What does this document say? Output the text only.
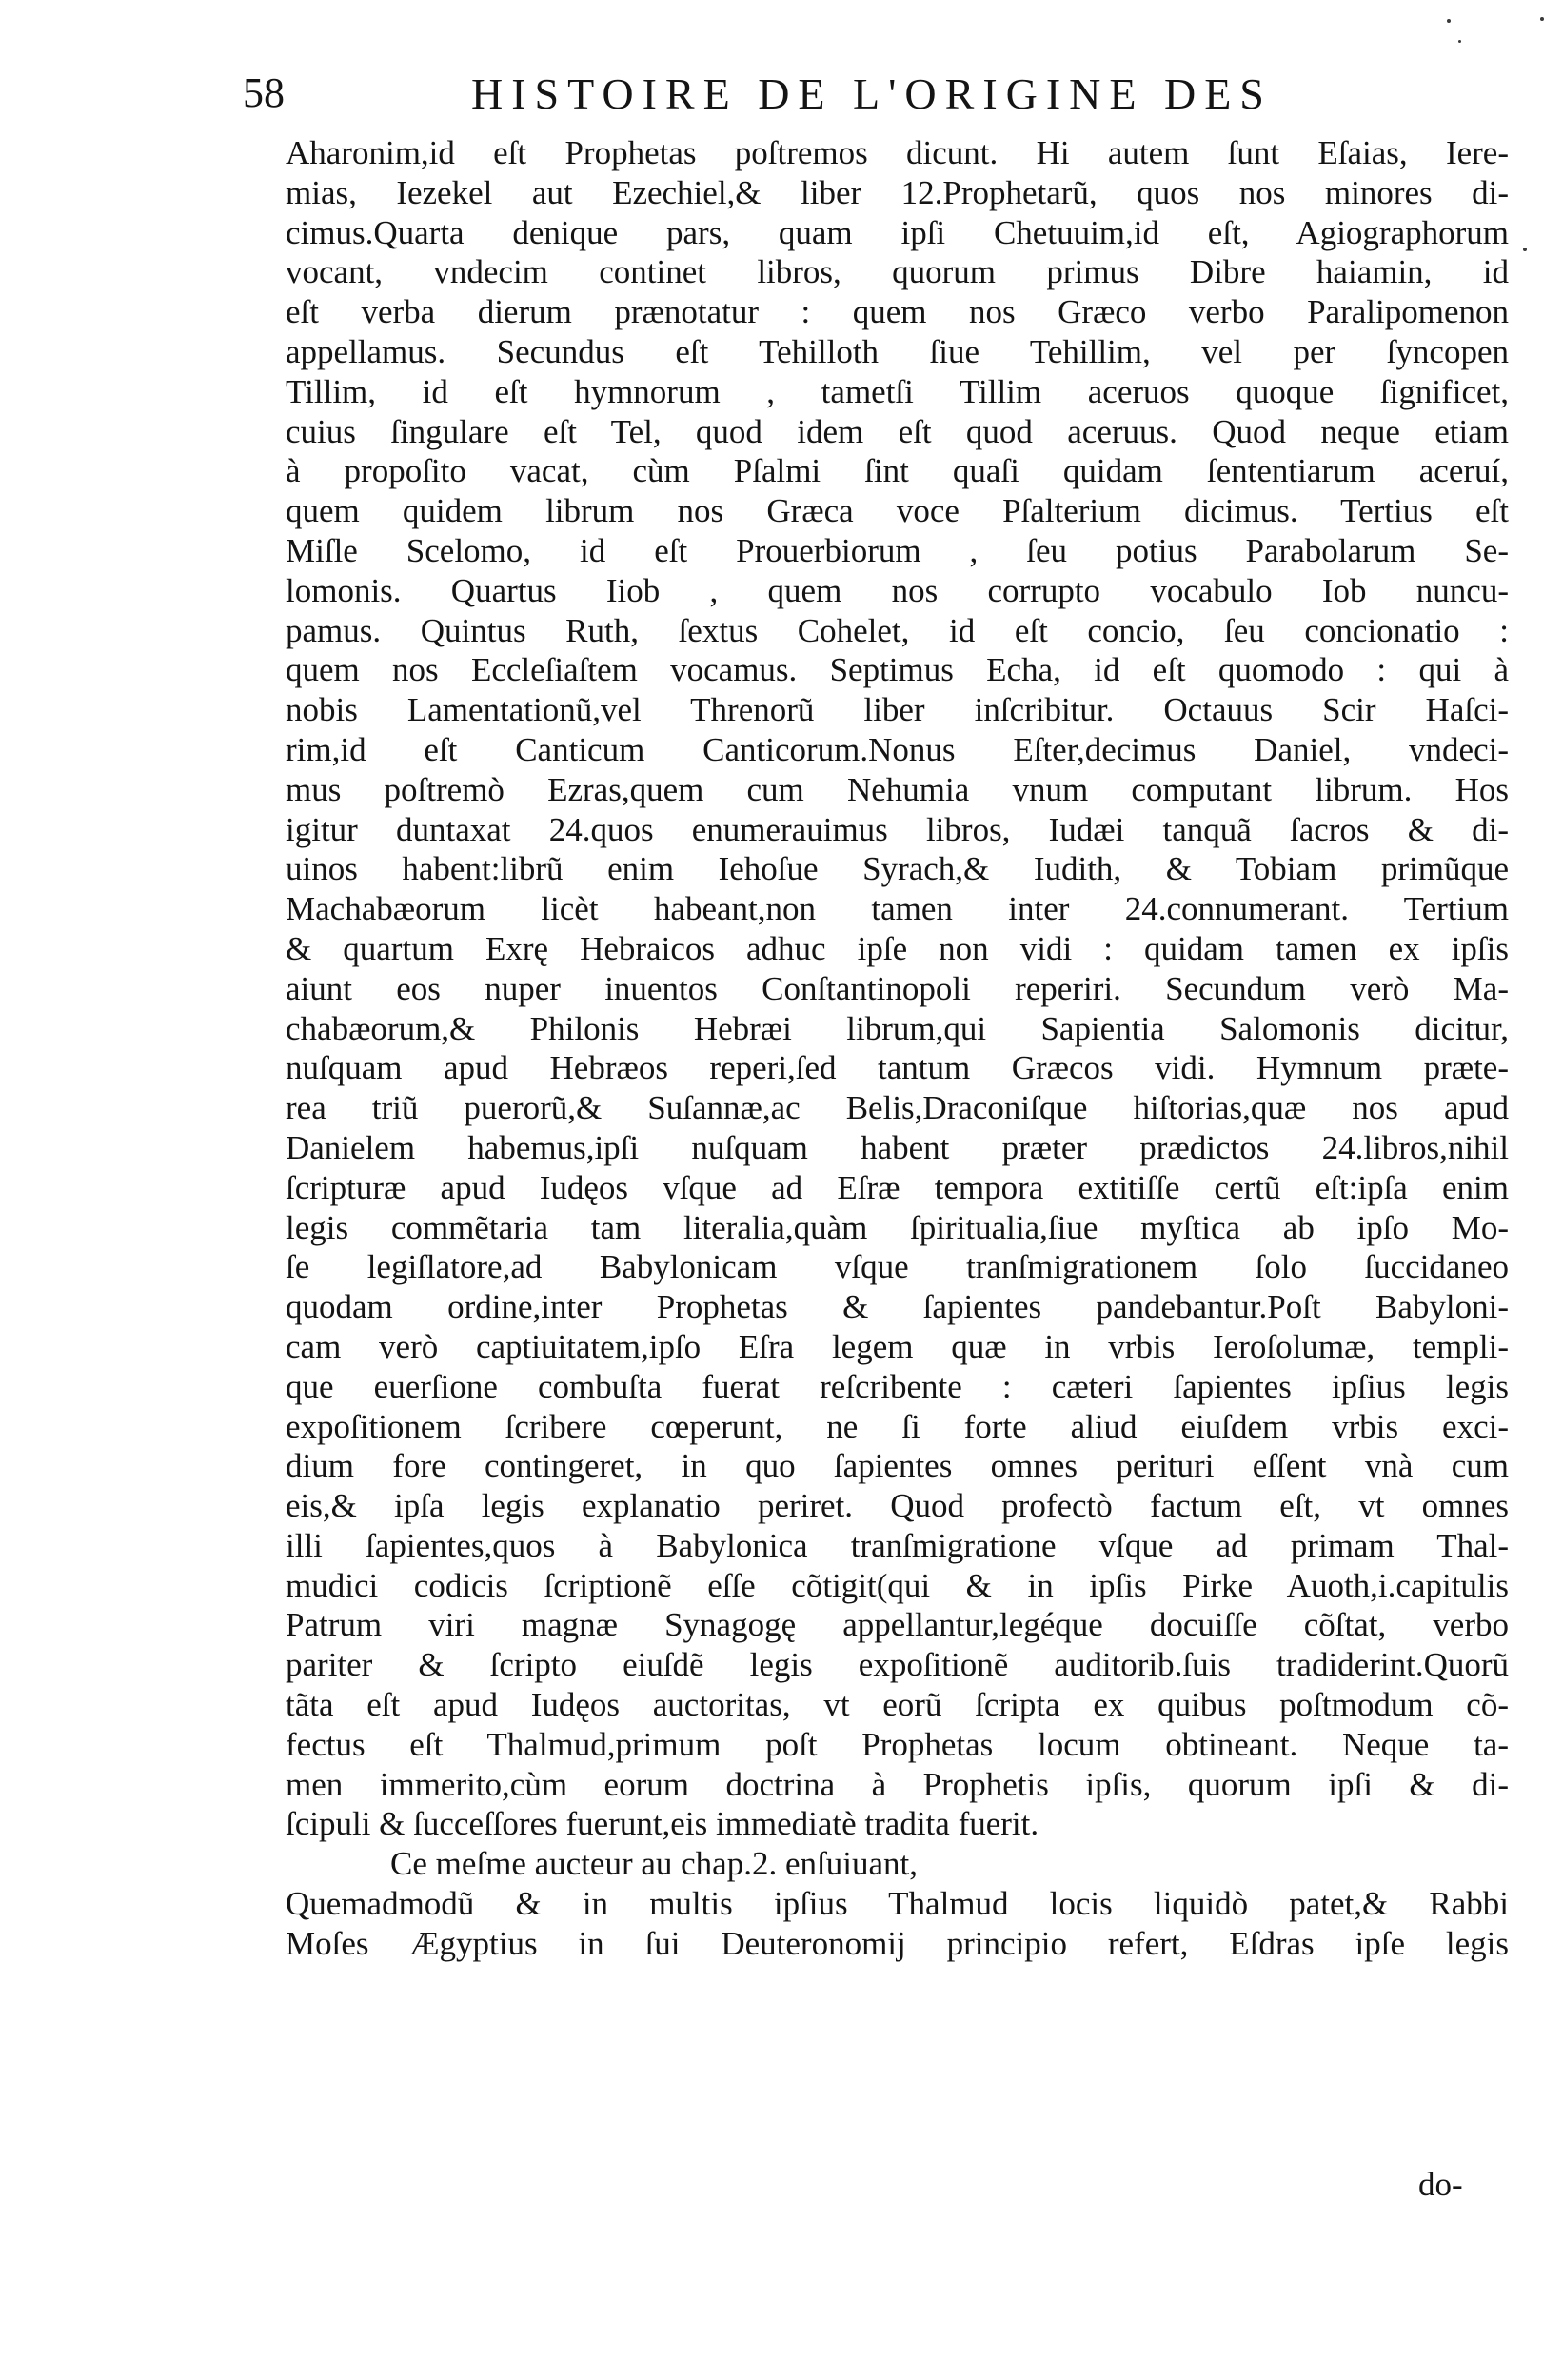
58	HISTOIRE DE L'ORIGINE DES
Aharonim,id eſt Prophetas poſtremos dicunt. Hi autem ſunt Eſaias, Iere-
mias, Iezekel aut Ezechiel,& liber 12.Prophetarũ, quos nos minores di-
cimus.Quarta denique pars, quam ipſi Chetuuim,id eſt, Agiographorum
vocant, vndecim continet libros, quorum primus Dibre haiamin, id
eſt verba dierum prænotatur : quem nos Græco verbo Paralipomenon
appellamus. Secundus eſt Tehilloth ſiue Tehillim, vel per ſyncopen
Tillim, id eſt hymnorum , tametſi Tillim aceruos quoque ſignificet,
cuius ſingulare eſt Tel, quod idem eſt quod aceruus. Quod neque etiam
à propoſito vacat, cùm Pſalmi ſint quaſi quidam ſententiarum aceruí,
quem quidem librum nos Græca voce Pſalterium dicimus. Tertius eſt
Miſle Scelomo, id eſt Prouerbiorum , ſeu potius Parabolarum Se-
lomonis. Quartus Iiob , quem nos corrupto vocabulo Iob nuncu-
pamus. Quintus Ruth, ſextus Cohelet, id eſt concio, ſeu concionatio :
quem nos Eccleſiaſtem vocamus. Septimus Echa, id eſt quomodo : qui à
nobis Lamentationũ,vel Threnorũ liber inſcribitur. Octauus Scir Haſci-
rim,id eſt Canticum Canticorum.Nonus Eſter,decimus Daniel, vndeci-
mus poſtremò Ezras,quem cum Nehumia vnum computant librum. Hos
igitur duntaxat 24.quos enumerauimus libros, Iudæi tanquã ſacros & di-
uinos habent:librũ enim Iehoſue Syrach,& Iudith, & Tobiam primũque
Machabæorum licèt habeant,non tamen inter 24.connumerant. Tertium
& quartum Exrę Hebraicos adhuc ipſe non vidi : quidam tamen ex ipſis
aiunt eos nuper inuentos Conſtantinopoli reperiri. Secundum verò Ma-
chabæorum,& Philonis Hebræi librum,qui Sapientia Salomonis dicitur,
nuſquam apud Hebræos reperi,ſed tantum Græcos vidi. Hymnum præte-
rea triũ puerorũ,& Suſannæ,ac Belis,Draconiſque hiſtorias,quæ nos apud
Danielem habemus,ipſi nuſquam habent præter prædictos 24.libros,nihil
ſcripturæ apud Iudęos vſque ad Eſræ tempora extitiſſe certũ eſt:ipſa enim
legis commẽtaria tam literalia,quàm ſpiritualia,ſiue myſtica ab ipſo Mo-
ſe legiſlatore,ad Babylonicam vſque tranſmigrationem ſolo ſuccidaneo
quodam ordine,inter Prophetas & ſapientes pandebantur.Poſt Babyloni-
cam verò captiuitatem,ipſo Eſra legem quæ in vrbis Ieroſolumæ, templi-
que euerſione combuſta fuerat reſcribente : cæteri ſapientes ipſius legis
expoſitionem ſcribere cœperunt, ne ſi forte aliud eiuſdem vrbis exci-
dium fore contingeret, in quo ſapientes omnes perituri eſſent vnà cum
eis,& ipſa legis explanatio periret. Quod profectò factum eſt, vt omnes
illi ſapientes,quos à Babylonica tranſmigratione vſque ad primam Thal-
mudici codicis ſcriptionẽ eſſe cõtigit(qui & in ipſis Pirke Auoth,i.capitulis
Patrum viri magnæ Synagogę appellantur,legéque docuiſſe cõſtat, verbo
pariter & ſcripto eiuſdẽ legis expoſitionẽ auditorib.ſuis tradiderint.Quorũ
tãta eſt apud Iudęos auctoritas, vt eorũ ſcripta ex quibus poſtmodum cõ-
fectus eſt Thalmud,primum poſt Prophetas locum obtineant. Neque ta-
men immerito,cùm eorum doctrina à Prophetis ipſis, quorum ipſi & di-
ſcipuli & ſucceſſores fuerunt,eis immediatè tradita fuerit.
Ce meſme aucteur au chap.2. enſuiuant,
Quemadmodũ & in multis ipſius Thalmud locis liquidò patet,& Rabbi
Moſes Ægyptius in ſui Deuteronomij principio refert, Eſdras ipſe legis
do-
